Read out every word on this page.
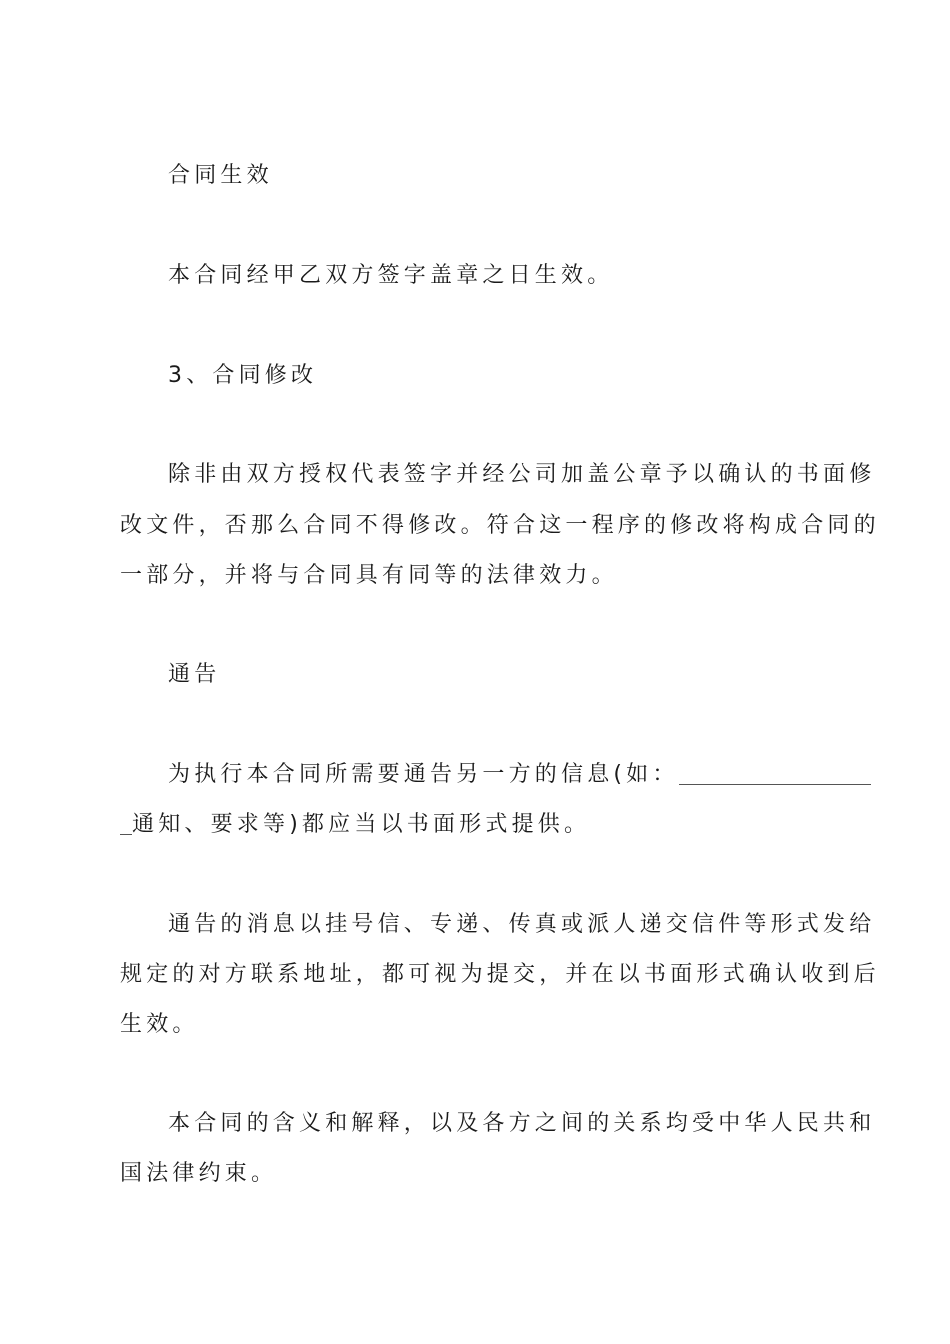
合同生效
本合同经甲乙双方签字盖章之日生效。
3、合同修改
除非由双方授权代表签字并经公司加盖公章予以确认的书面修
改文件，否那么合同不得修改。符合这一程序的修改将构成合同的
一部分，并将与合同具有同等的法律效力。
通告
为执行本合同所需要通告另一方的信息(如：
通知、要求等)都应当以书面形式提供。
通告的消息以挂号信、专递、传真或派人递交信件等形式发给
规定的对方联系地址，都可视为提交，并在以书面形式确认收到后
生效。
本合同的含义和解释，以及各方之间的关系均受中华人民共和
国法律约束。
